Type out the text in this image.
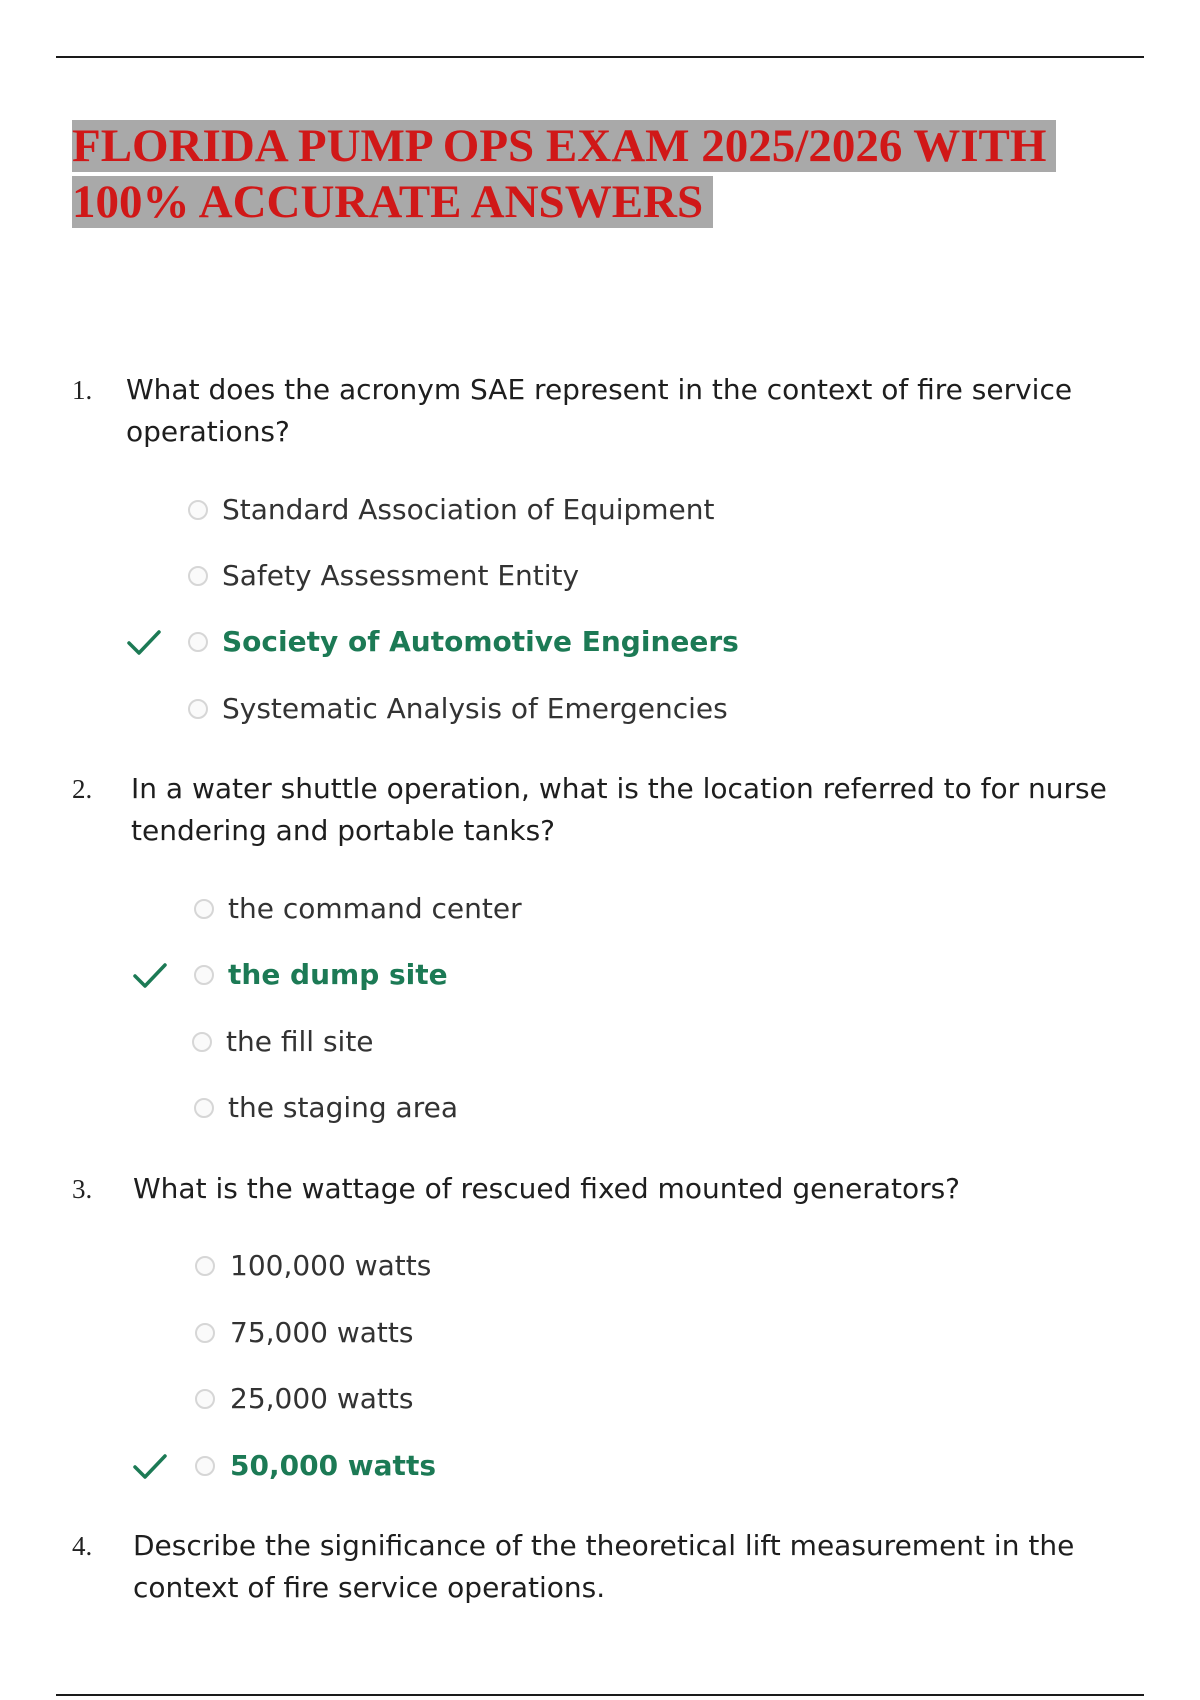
FLORIDA PUMP OPS EXAM 2025/2026 WITH
100% ACCURATE ANSWERS
1. What does the acronym SAE represent in the context of fire service operations?
Standard Association of Equipment
Safety Assessment Entity
Society of Automotive Engineers
Systematic Analysis of Emergencies
2. In a water shuttle operation, what is the location referred to for nurse tendering and portable tanks?
the command center
the dump site
the fill site
the staging area
3. What is the wattage of rescued fixed mounted generators?
100,000 watts
75,000 watts
25,000 watts
50,000 watts
4. Describe the significance of the theoretical lift measurement in the context of fire service operations.
